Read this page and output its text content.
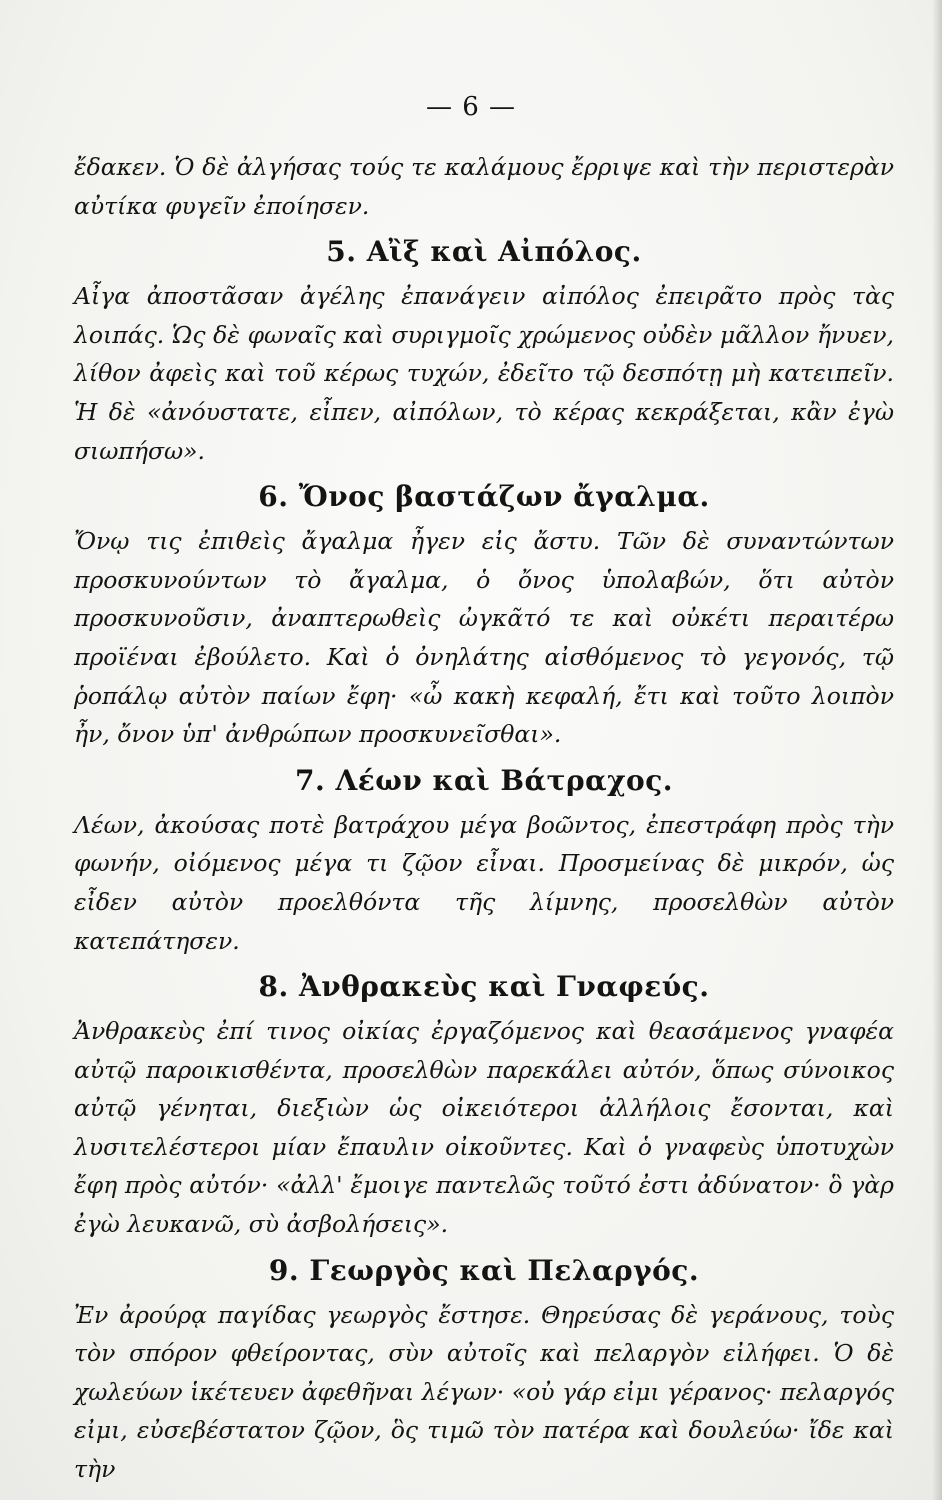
— 6 —

ἔδακεν. Ὁ δὲ ἀλγήσας τούς τε καλάμους ἔρριψε καὶ τὴν περιστερὰν αὐτίκα φυγεῖν ἐποίησεν.

5. Αἲξ καὶ Αἰπόλος.

Αἶγα ἀποστᾶσαν ἀγέλης ἐπανάγειν αἰπόλος ἐπειρᾶτο πρὸς τὰς λοιπάς. Ὡς δὲ φωναῖς καὶ συριγμοῖς χρώμενος οὐδὲν μᾶλλον ἤνυεν, λίθον ἀφεὶς καὶ τοῦ κέρως τυχών, ἐδεῖτο τῷ δεσπότῃ μὴ κατειπεῖν. Ἡ δὲ «ἀνόυστατε, εἶπεν, αἰπόλων, τὸ κέρας κεκράξεται, κἂν ἐγὼ σιωπήσω».

6. Ὄνος βαστάζων ἄγαλμα.

Ὄνῳ τις ἐπιθεὶς ἄγαλμα ἦγεν εἰς ἄστυ. Τῶν δὲ συναντώντων προσκυνούντων τὸ ἄγαλμα, ὁ ὄνος ὑπολαβών, ὅτι αὐτὸν προσκυνοῦσιν, ἀναπτερωθεὶς ὠγκᾶτό τε καὶ οὐκέτι περαιτέρω προϊέναι ἐβούλετο. Καὶ ὁ ὀνηλάτης αἰσθόμενος τὸ γεγονός, τῷ ῥοπάλῳ αὐτὸν παίων ἔφη· «ὦ κακὴ κεφαλή, ἔτι καὶ τοῦτο λοιπὸν ἦν, ὄνον ὑπ' ἀνθρώπων προσκυνεῖσθαι».

7. Λέων καὶ Βάτραχος.

Λέων, ἀκούσας ποτὲ βατράχου μέγα βοῶντος, ἐπεστράφη πρὸς τὴν φωνήν, οἰόμενος μέγα τι ζῷον εἶναι. Προσμείνας δὲ μικρόν, ὡς εἶδεν αὐτὸν προελθόντα τῆς λίμνης, προσελθὼν αὐτὸν κατεπάτησεν.

8. Ἀνθρακεὺς καὶ Γναφεύς.

Ἀνθρακεὺς ἐπί τινος οἰκίας ἐργαζόμενος καὶ θεασάμενος γναφέα αὐτῷ παροικισθέντα, προσελθὼν παρεκάλει αὐτόν, ὅπως σύνοικος αὐτῷ γένηται, διεξιὼν ὡς οἰκειότεροι ἀλλήλοις ἔσονται, καὶ λυσιτελέστεροι μίαν ἔπαυλιν οἰκοῦντες. Καὶ ὁ γναφεὺς ὑποτυχὼν ἔφη πρὸς αὐτόν· «ἀλλ' ἔμοιγε παντελῶς τοῦτό ἐστι ἀδύνατον· ὃ γὰρ ἐγὼ λευκανῶ, σὺ ἀσβολήσεις».

9. Γεωργὸς καὶ Πελαργός.

Ἐν ἀρούρᾳ παγίδας γεωργὸς ἔστησε. Θηρεύσας δὲ γεράνους, τοὺς τὸν σπόρον φθείροντας, σὺν αὐτοῖς καὶ πελαργὸν εἰλήφει. Ὁ δὲ χωλεύων ἱκέτευεν ἀφεθῆναι λέγων· «οὐ γάρ εἰμι γέρανος· πελαργός εἰμι, εὐσεβέστατον ζῷον, ὃς τιμῶ τὸν πατέρα καὶ δουλεύω· ἴδε καὶ τὴν
